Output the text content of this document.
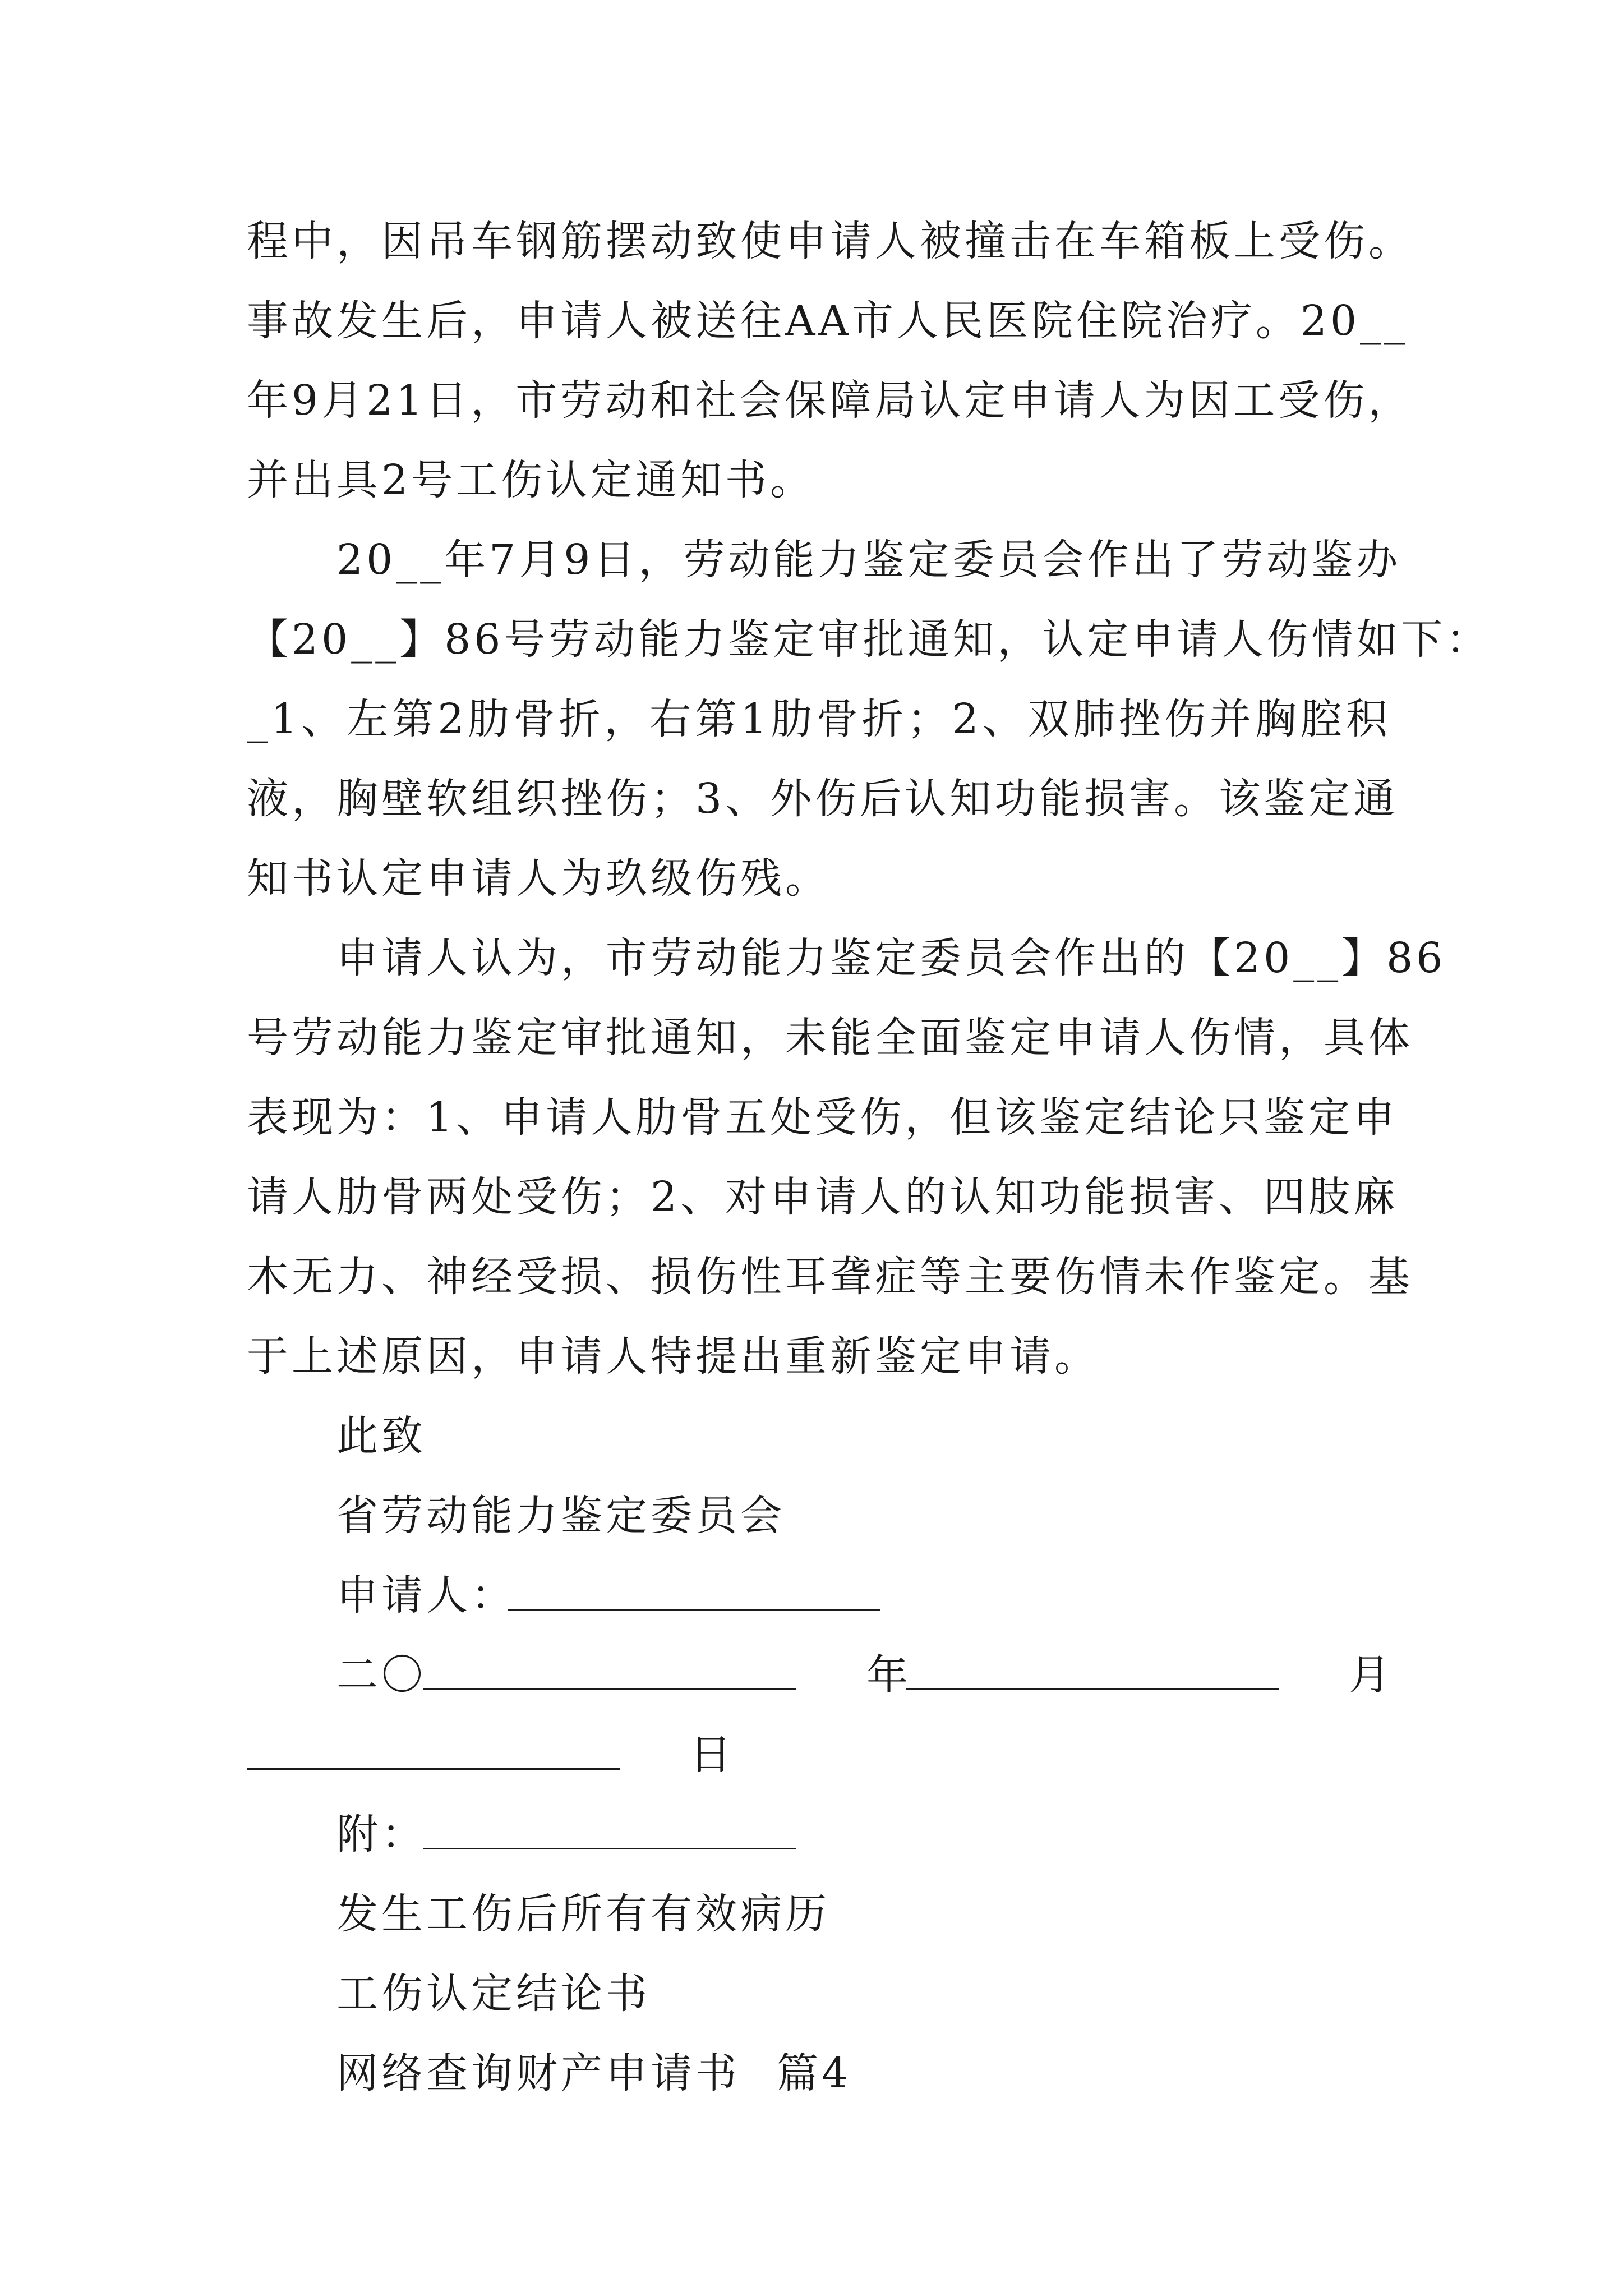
程中，因吊车钢筋摆动致使申请人被撞击在车箱板上受伤。
事故发生后，申请人被送往AA市人民医院住院治疗。20__
年9月21日，市劳动和社会保障局认定申请人为因工受伤，
并出具2号工伤认定通知书。
20__年7月9日，劳动能力鉴定委员会作出了劳动鉴办
【20__】86号劳动能力鉴定审批通知，认定申请人伤情如下：
_1、左第2肋骨折，右第1肋骨折；2、双肺挫伤并胸腔积
液，胸壁软组织挫伤；3、外伤后认知功能损害。该鉴定通
知书认定申请人为玖级伤残。
申请人认为，市劳动能力鉴定委员会作出的【20__】86
号劳动能力鉴定审批通知，未能全面鉴定申请人伤情，具体
表现为：1、申请人肋骨五处受伤，但该鉴定结论只鉴定申
请人肋骨两处受伤；2、对申请人的认知功能损害、四肢麻
木无力、神经受损、损伤性耳聋症等主要伤情未作鉴定。基
于上述原因，申请人特提出重新鉴定申请。
此致
省劳动能力鉴定委员会
申请人：
二〇	年	月
日
附：
发生工伤后所有有效病历
工伤认定结论书
网络查询财产申请书 篇4
